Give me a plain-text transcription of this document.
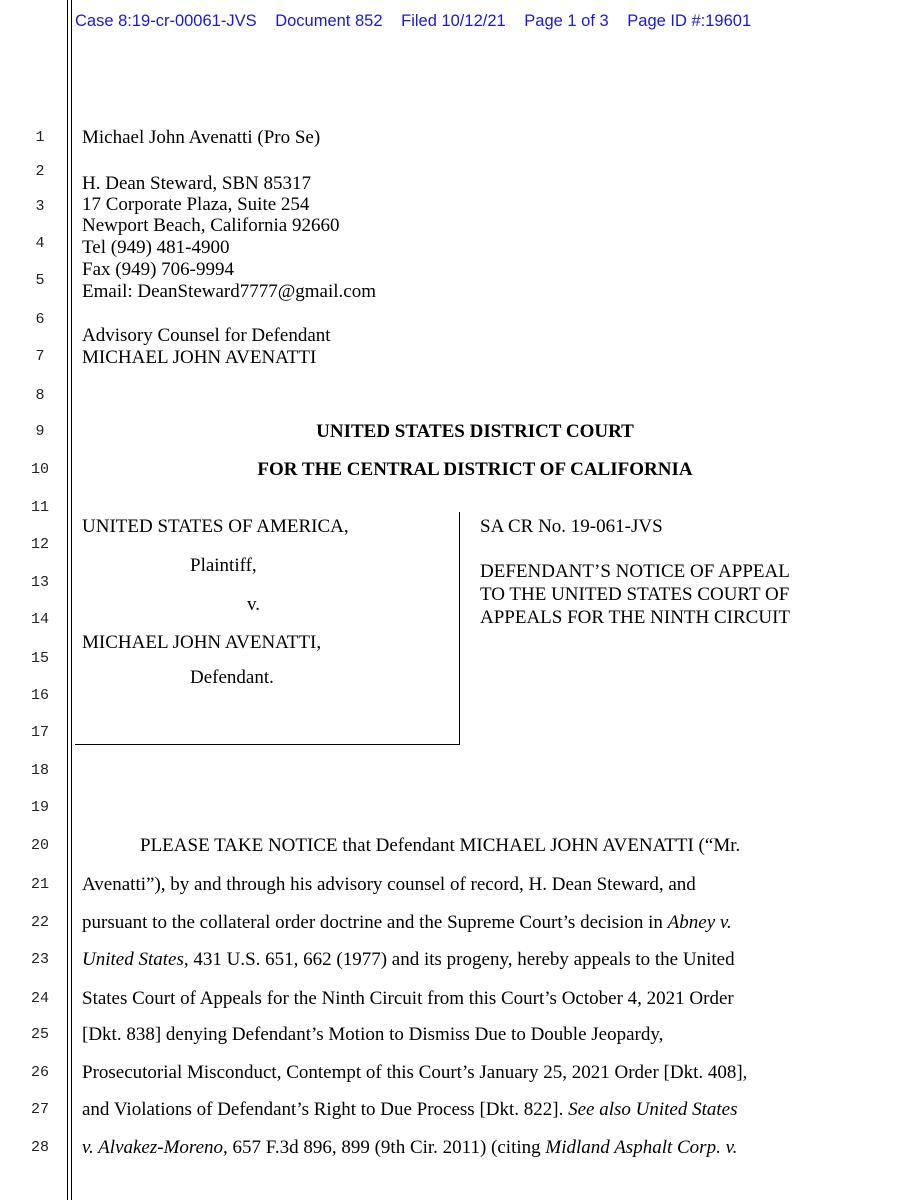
Case 8:19-cr-00061-JVS Document 852 Filed 10/12/21 Page 1 of 3 Page ID #:19601
1
2
3
4
5
6
7
8
9
10
11
12
13
14
15
16
17
18
19
20
21
22
23
24
25
26
27
28
Michael John Avenatti (Pro Se)
H. Dean Steward, SBN 85317
17 Corporate Plaza, Suite 254
Newport Beach, California 92660
Tel (949) 481-4900
Fax (949) 706-9994
Email: DeanSteward7777@gmail.com
Advisory Counsel for Defendant
MICHAEL JOHN AVENATTI
UNITED STATES DISTRICT COURT
FOR THE CENTRAL DISTRICT OF CALIFORNIA
UNITED STATES OF AMERICA,
Plaintiff,
v.
MICHAEL JOHN AVENATTI,
Defendant.
SA CR No. 19-061-JVS
DEFENDANT’S NOTICE OF APPEAL
TO THE UNITED STATES COURT OF
APPEALS FOR THE NINTH CIRCUIT
PLEASE TAKE NOTICE that Defendant MICHAEL JOHN AVENATTI (“Mr.
Avenatti”), by and through his advisory counsel of record, H. Dean Steward, and
pursuant to the collateral order doctrine and the Supreme Court’s decision in Abney v.
United States, 431 U.S. 651, 662 (1977) and its progeny, hereby appeals to the United
States Court of Appeals for the Ninth Circuit from this Court’s October 4, 2021 Order
[Dkt. 838] denying Defendant’s Motion to Dismiss Due to Double Jeopardy,
Prosecutorial Misconduct, Contempt of this Court’s January 25, 2021 Order [Dkt. 408],
and Violations of Defendant’s Right to Due Process [Dkt. 822]. See also United States
v. Alvakez-Moreno, 657 F.3d 896, 899 (9th Cir. 2011) (citing Midland Asphalt Corp. v.
